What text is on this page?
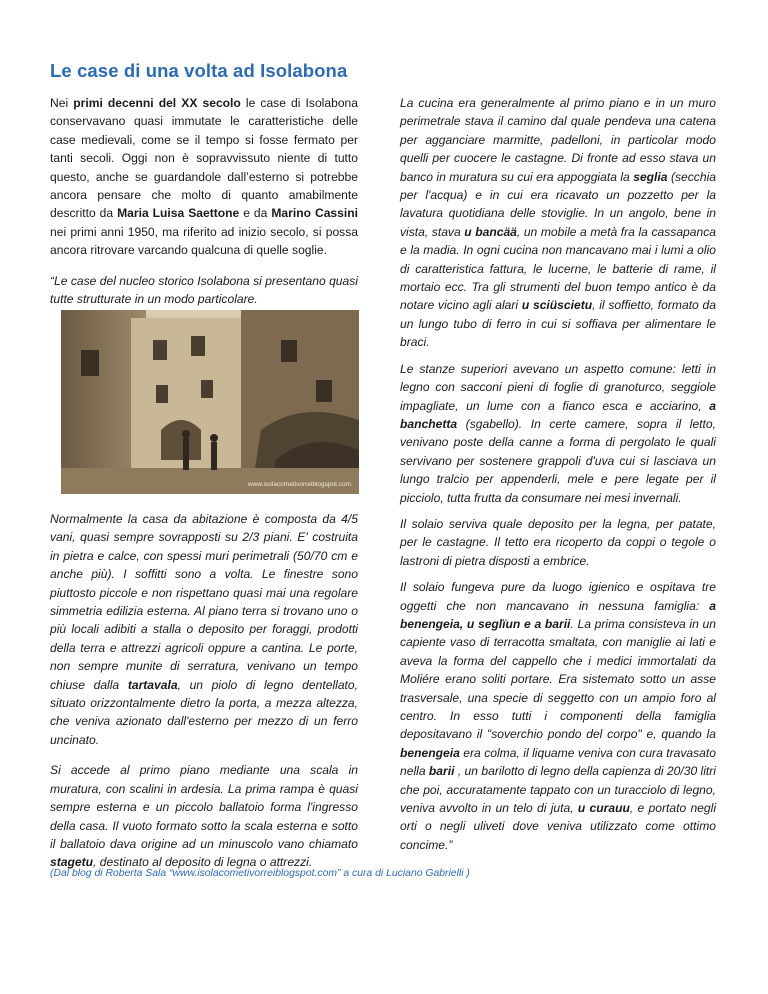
Le case di una volta ad Isolabona

Nei primi decenni del XX secolo le case di Isolabona conservavano quasi immutate le caratteristiche delle case medievali, come se il tempo si fosse fermato per tanti secoli. Oggi non è sopravvissuto niente di tutto questo, anche se guardandole dall’esterno si potrebbe ancora pensare che molto di quanto amabilmente descritto da Maria Luisa Saettone e da Marino Cassini nei primi anni 1950, ma riferito ad inizio secolo, si possa ancora ritrovare varcando qualcuna di quelle soglie.

“Le case del nucleo storico Isolabona si presentano quasi tutte strutturate in un modo particolare.

www.isolacometivorreiblogspot.com

Normalmente la casa da abitazione è composta da 4/5 vani, quasi sempre sovrapposti su 2/3 piani. E' costruita in pietra e calce, con spessi muri perimetrali (50/70 cm e anche più). I soffitti sono a volta. Le finestre sono piuttosto piccole e non rispettano quasi mai una regolare simmetria edilizia esterna. Al piano terra si trovano uno o più locali adibiti a stalla o deposito per foraggi, prodotti della terra e attrezzi agricoli oppure a cantina. Le porte, non sempre munite di serratura, venivano un tempo chiuse dalla tartavala, un piolo di legno dentellato, situato orizzontalmente dietro la porta, a mezza altezza, che veniva azionato dall'esterno per mezzo di un ferro uncinato.

Si accede al primo piano mediante una scala in muratura, con scalini in ardesia. La prima rampa è quasi sempre esterna e un piccolo ballatoio forma l'ingresso della casa. Il vuoto formato sotto la scala esterna e sotto il ballatoio dava origine ad un minuscolo vano chiamato stagetu, destinato al deposito di legna o attrezzi.

La cucina era generalmente al primo piano e in un muro perimetrale stava il camino dal quale pendeva una catena per agganciare marmitte, padelloni, in particolar modo quelli per cuocere le castagne. Di fronte ad esso stava un banco in muratura su cui era appoggiata la seglia (secchia per l'acqua) e in cui era ricavato un pozzetto per la lavatura quotidiana delle stoviglie. In un angolo, bene in vista, stava u bancää, un mobile a metà fra la cassapanca e la madia. In ogni cucina non mancavano mai i lumi a olio di caratteristica fattura, le lucerne, le batterie di rame, il mortaio ecc. Tra gli strumenti del buon tempo antico è da notare vicino agli alari u sciüscietu, il soffietto, formato da un lungo tubo di ferro in cui si soffiava per alimentare le braci.

Le stanze superiori avevano un aspetto comune: letti in legno con sacconi pieni di foglie di granoturco, seggiole impagliate, un lume con a fianco esca e acciarino, a banchetta (sgabello). In certe camere, sopra il letto, venivano poste della canne a forma di pergolato le quali servivano per sostenere grappoli d'uva cui si lasciava un lungo tralcio per appenderli, mele e pere legate per il picciolo, tutta frutta da consumare nei mesi invernali.

Il solaio serviva quale deposito per la legna, per patate, per le castagne. Il tetto era ricoperto da coppi o tegole o lastroni di pietra disposti a embrice.

Il solaio fungeva pure da luogo igienico e ospitava tre oggetti che non mancavano in nessuna famiglia: a benengeia, u seglïun e a barii. La prima consisteva in un capiente vaso di terracotta smaltata, con maniglie ai lati e aveva la forma del cappello che i medici immortalati da Moliére erano soliti portare. Era sistemato sotto un asse trasversale, una specie di seggetto con un ampio foro al centro. In esso tutti i componenti della famiglia depositavano il "soverchio pondo del corpo" e, quando la benengeia era colma, il liquame veniva con cura travasato nella barii , un barilotto di legno della capienza di 20/30 litri che poi, accuratamente tappato con un turacciolo di legno, veniva avvolto in un telo di juta, u curauu, e portato negli orti o negli uliveti dove veniva utilizzato come ottimo concime.”

(Dal blog di Roberta Sala “www.isolacometivorreiblogspot.com” a cura di Luciano Gabrielli )
